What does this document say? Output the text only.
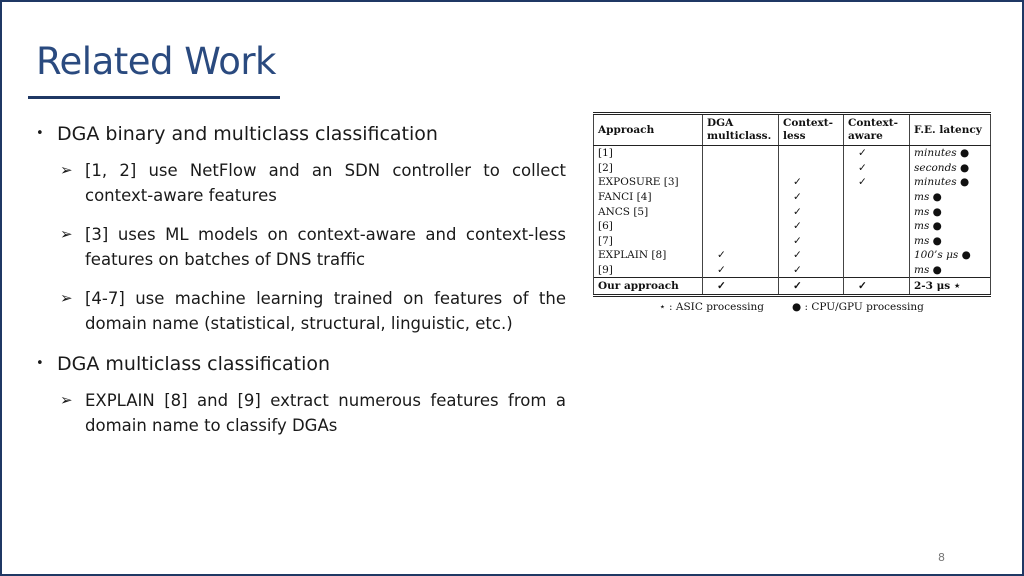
Related Work
• DGA binary and multiclass classification
➢ [1, 2] use NetFlow and an SDN controller to collect context-aware features
➢ [3] uses ML models on context-aware and context-less features on batches of DNS traffic
➢ [4-7] use machine learning trained on features of the domain name (statistical, structural, linguistic, etc.)
• DGA multiclass classification
➢ EXPLAIN [8] and [9] extract numerous features from a domain name to classify DGAs
Approach	DGA multiclass.	Context-less	Context-aware	F.E. latency
[1]			✓	minutes ●
[2]			✓	seconds ●
EXPOSURE [3]		✓	✓	minutes ●
FANCI [4]		✓		ms ●
ANCS [5]		✓		ms ●
[6]		✓		ms ●
[7]		✓		ms ●
EXPLAIN [8]	✓	✓		100’s μs ●
[9]	✓	✓		ms ●
Our approach	✓	✓	✓	2-3 μs ⋆
⋆ : ASIC processing	● : CPU/GPU processing
8
